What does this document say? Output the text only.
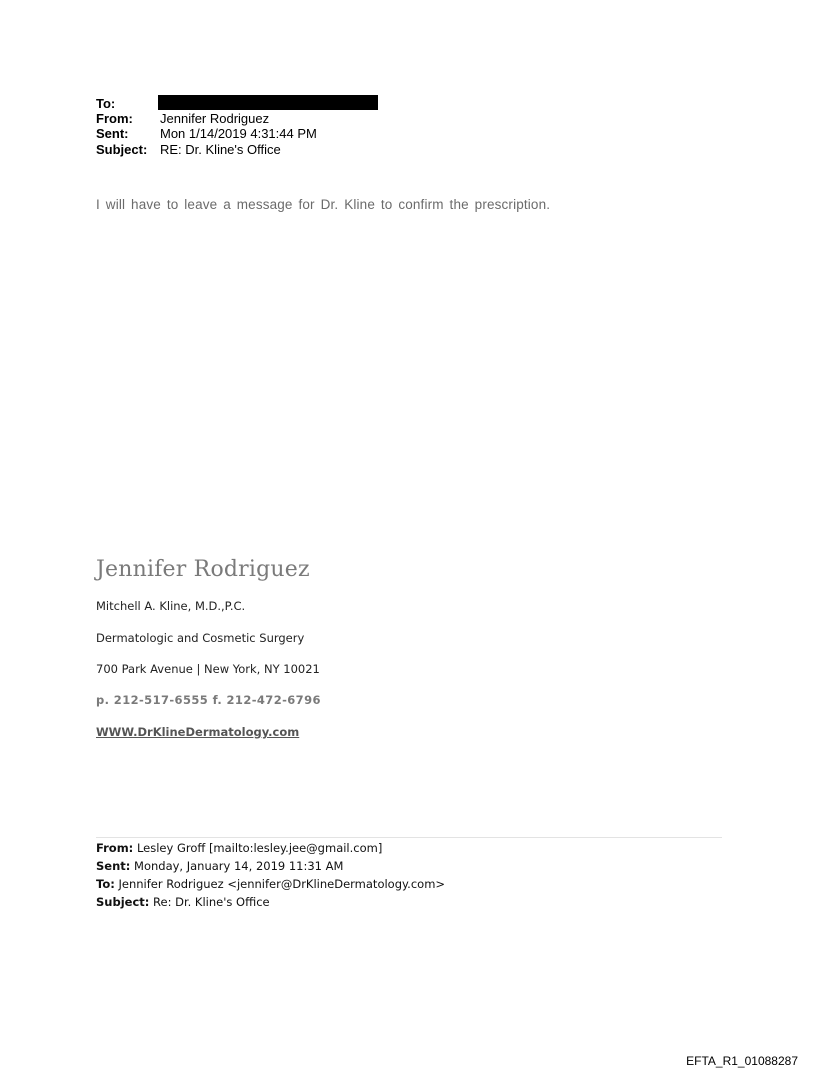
To:
From: Jennifer Rodriguez
Sent: Mon 1/14/2019 4:31:44 PM
Subject: RE: Dr. Kline's Office
I will have to leave a message for Dr. Kline to confirm the prescription.
Jennifer Rodriguez
Mitchell A. Kline, M.D.,P.C.
Dermatologic and Cosmetic Surgery
700 Park Avenue | New York, NY 10021
p. 212-517-6555 f. 212-472-6796
WWW.DrKlineDermatology.com
From: Lesley Groff [mailto:lesley.jee@gmail.com]
Sent: Monday, January 14, 2019 11:31 AM
To: Jennifer Rodriguez <jennifer@DrKlineDermatology.com>
Subject: Re: Dr. Kline's Office
EFTA_R1_01088287
